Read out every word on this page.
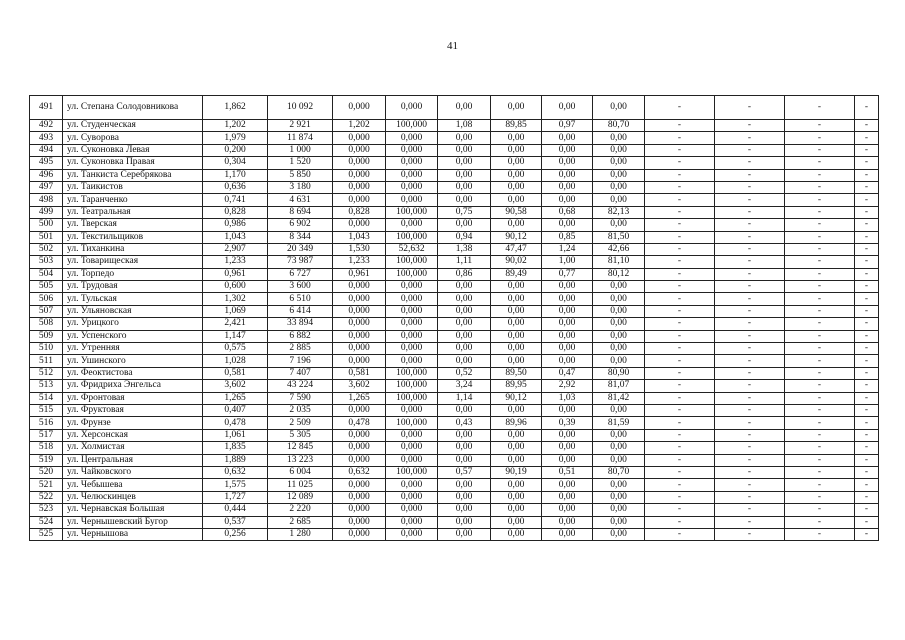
41
491	ул. Степана Солодовникова	1,862	10 092	0,000	0,000	0,00	0,00	0,00	0,00	-	-	-	-
492	ул. Студенческая	1,202	2 921	1,202	100,000	1,08	89,85	0,97	80,70	-	-	-	-
493	ул. Суворова	1,979	11 874	0,000	0,000	0,00	0,00	0,00	0,00	-	-	-	-
494	ул. Суконовка Левая	0,200	1 000	0,000	0,000	0,00	0,00	0,00	0,00	-	-	-	-
495	ул. Суконовка Правая	0,304	1 520	0,000	0,000	0,00	0,00	0,00	0,00	-	-	-	-
496	ул. Танкиста Серебрякова	1,170	5 850	0,000	0,000	0,00	0,00	0,00	0,00	-	-	-	-
497	ул. Таикистов	0,636	3 180	0,000	0,000	0,00	0,00	0,00	0,00	-	-	-	-
498	ул. Таранченко	0,741	4 631	0,000	0,000	0,00	0,00	0,00	0,00	-	-	-	-
499	ул. Театральная	0,828	8 694	0,828	100,000	0,75	90,58	0,68	82,13	-	-	-	-
500	ул. Тверская	0,986	6 902	0,000	0,000	0,00	0,00	0,00	0,00	-	-	-	-
501	ул. Текстильщиков	1,043	8 344	1,043	100,000	0,94	90,12	0,85	81,50	-	-	-	-
502	ул. Тиханкина	2,907	20 349	1,530	52,632	1,38	47,47	1,24	42,66	-	-	-	-
503	ул. Товарищеская	1,233	73 987	1,233	100,000	1,11	90,02	1,00	81,10	-	-	-	-
504	ул. Торпедо	0,961	6 727	0,961	100,000	0,86	89,49	0,77	80,12	-	-	-	-
505	ул. Трудовая	0,600	3 600	0,000	0,000	0,00	0,00	0,00	0,00	-	-	-	-
506	ул. Тульская	1,302	6 510	0,000	0,000	0,00	0,00	0,00	0,00	-	-	-	-
507	ул. Ульяновская	1,069	6 414	0,000	0,000	0,00	0,00	0,00	0,00	-	-	-	-
508	ул. Урицкого	2,421	33 894	0,000	0,000	0,00	0,00	0,00	0,00	-	-	-	-
509	ул. Успенского	1,147	6 882	0,000	0,000	0,00	0,00	0,00	0,00	-	-	-	-
510	ул. Утренняя	0,575	2 885	0,000	0,000	0,00	0,00	0,00	0,00	-	-	-	-
511	ул. Ушинского	1,028	7 196	0,000	0,000	0,00	0,00	0,00	0,00	-	-	-	-
512	ул. Феоктистова	0,581	7 407	0,581	100,000	0,52	89,50	0,47	80,90	-	-	-	-
513	ул. Фридриха Энгельса	3,602	43 224	3,602	100,000	3,24	89,95	2,92	81,07	-	-	-	-
514	ул. Фронтовая	1,265	7 590	1,265	100,000	1,14	90,12	1,03	81,42	-	-	-	-
515	ул. Фруктовая	0,407	2 035	0,000	0,000	0,00	0,00	0,00	0,00	-	-	-	-
516	ул. Фрунзе	0,478	2 509	0,478	100,000	0,43	89,96	0,39	81,59	-	-	-	-
517	ул. Херсонская	1,061	5 305	0,000	0,000	0,00	0,00	0,00	0,00	-	-	-	-
518	ул. Холмистая	1,835	12 845	0,000	0,000	0,00	0,00	0,00	0,00	-	-	-	-
519	ул. Центральная	1,889	13 223	0,000	0,000	0,00	0,00	0,00	0,00	-	-	-	-
520	ул. Чайковского	0,632	6 004	0,632	100,000	0,57	90,19	0,51	80,70	-	-	-	-
521	ул. Чебышева	1,575	11 025	0,000	0,000	0,00	0,00	0,00	0,00	-	-	-	-
522	ул. Челюскинцев	1,727	12 089	0,000	0,000	0,00	0,00	0,00	0,00	-	-	-	-
523	ул. Чернавская Большая	0,444	2 220	0,000	0,000	0,00	0,00	0,00	0,00	-	-	-	-
524	ул. Чернышевский Бугор	0,537	2 685	0,000	0,000	0,00	0,00	0,00	0,00	-	-	-	-
525	ул. Чернышова	0,256	1 280	0,000	0,000	0,00	0,00	0,00	0,00	-	-	-	-
